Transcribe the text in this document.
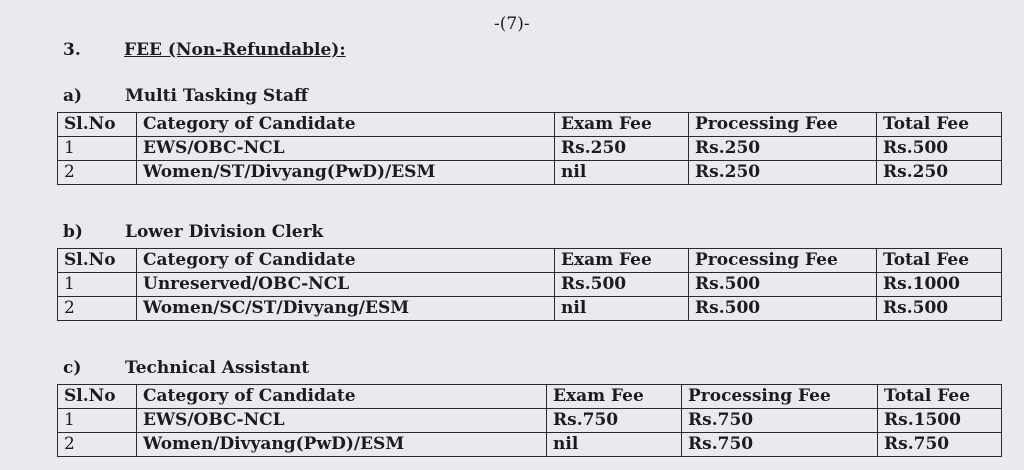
-(7)-
3.	FEE (Non-Refundable):
a)	Multi Tasking Staff
Sl.No	Category of Candidate	Exam Fee	Processing Fee	Total Fee
1	EWS/OBC-NCL	Rs.250	Rs.250	Rs.500
2	Women/ST/Divyang(PwD)/ESM	nil	Rs.250	Rs.250
b) Lower Division Clerk
Sl.No	Category of Candidate	Exam Fee	Processing Fee	Total Fee
1	Unreserved/OBC-NCL	Rs.500	Rs.500	Rs.1000
2	Women/SC/ST/Divyang/ESM	nil	Rs.500	Rs.500
c)	Technical Assistant
Sl.No	Category of Candidate	Exam Fee	Processing Fee	Total Fee
1	EWS/OBC-NCL	Rs.750	Rs.750	Rs.1500
2	Women/Divyang(PwD)/ESM	nil	Rs.750	Rs.750
